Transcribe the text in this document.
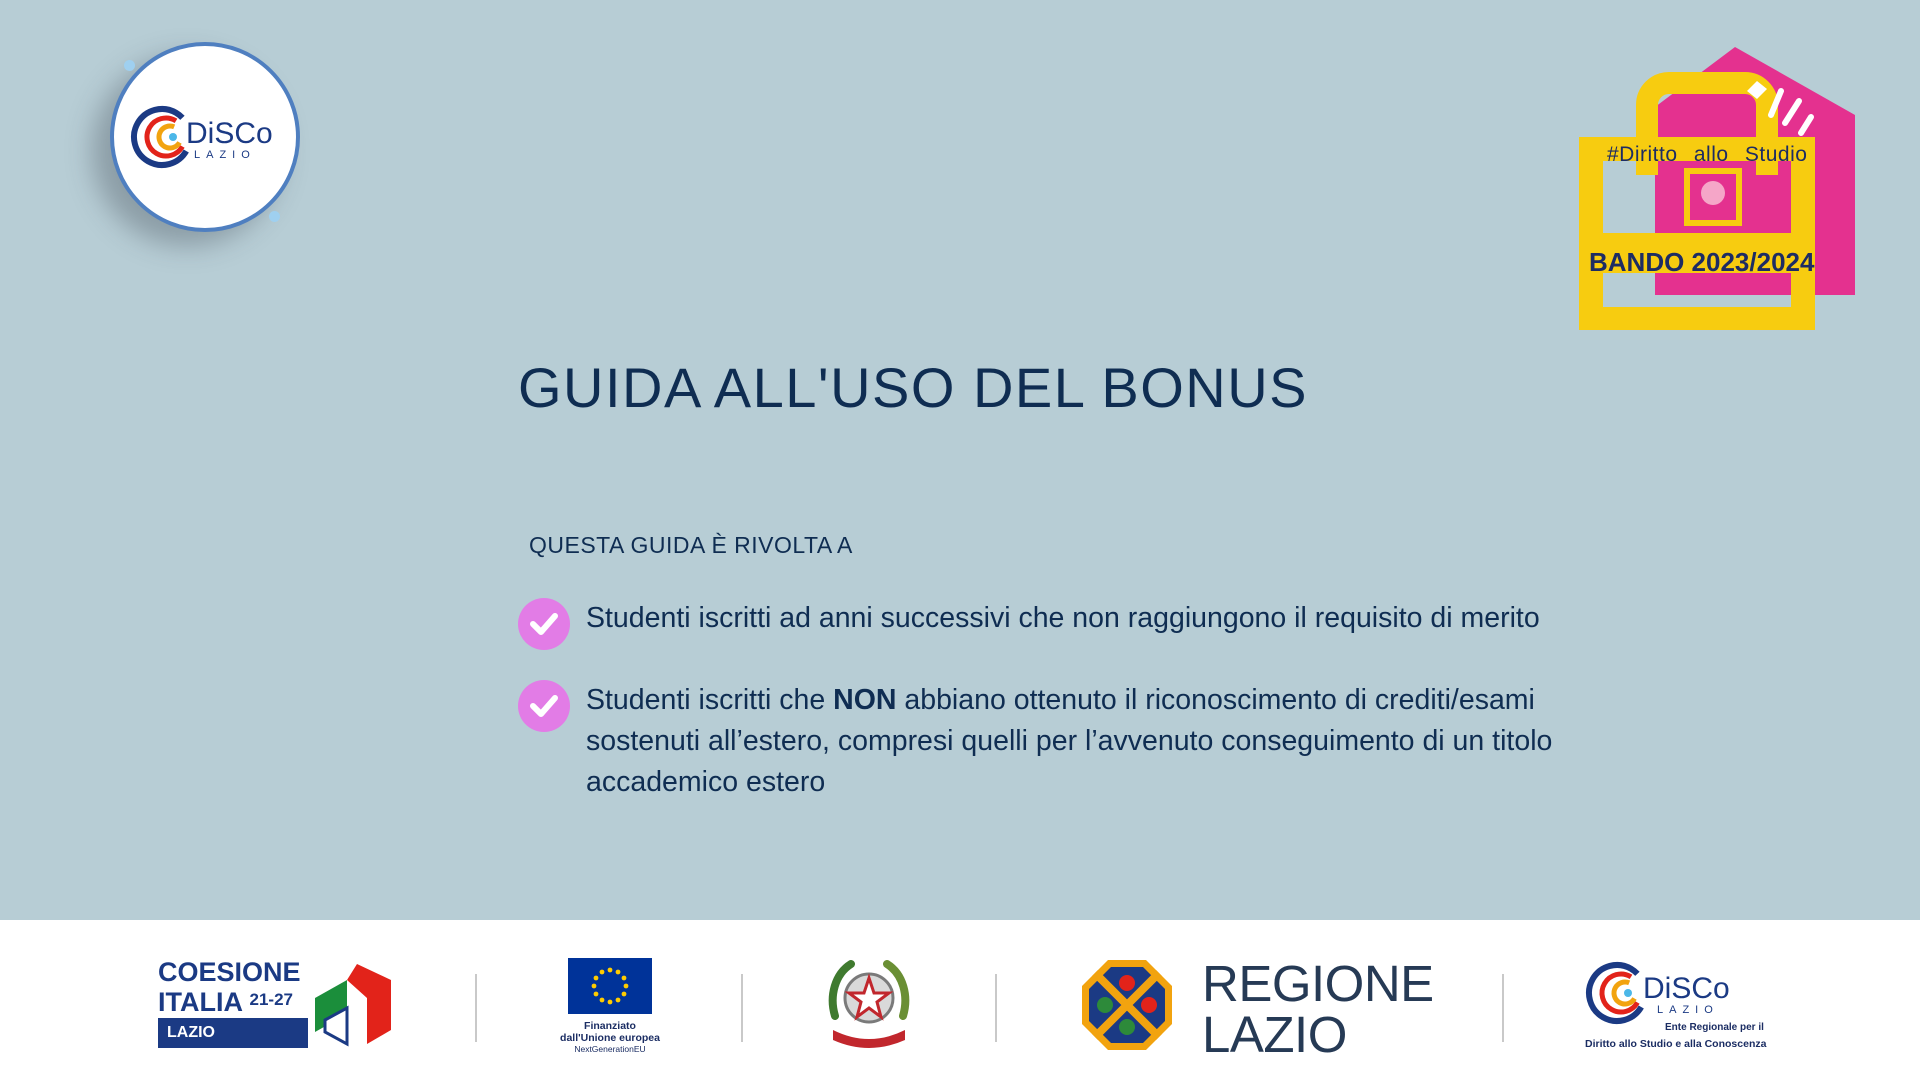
DiSCo
LAZIO	#Diritto allo Studio
BANDO 2023/2024
GUIDA ALL'USO DEL BONUS
QUESTA GUIDA È RIVOLTA A

Studenti iscritti ad anni successivi che non raggiungono il requisito di merito

Studenti iscritti che NON abbiano ottenuto il riconoscimento di crediti/esami sostenuti all’estero, compresi quelli per l’avvenuto conseguimento di un titolo accademico estero

COESIONE
ITALIA $^{21-27}$
LAZIO	Finanziato
dall'Unione europea
NextGenerationEU
REGIONE
LAZIO
DiSCo
LAZIO
Ente Regionale per il
Diritto allo Studio e alla Conoscenza
